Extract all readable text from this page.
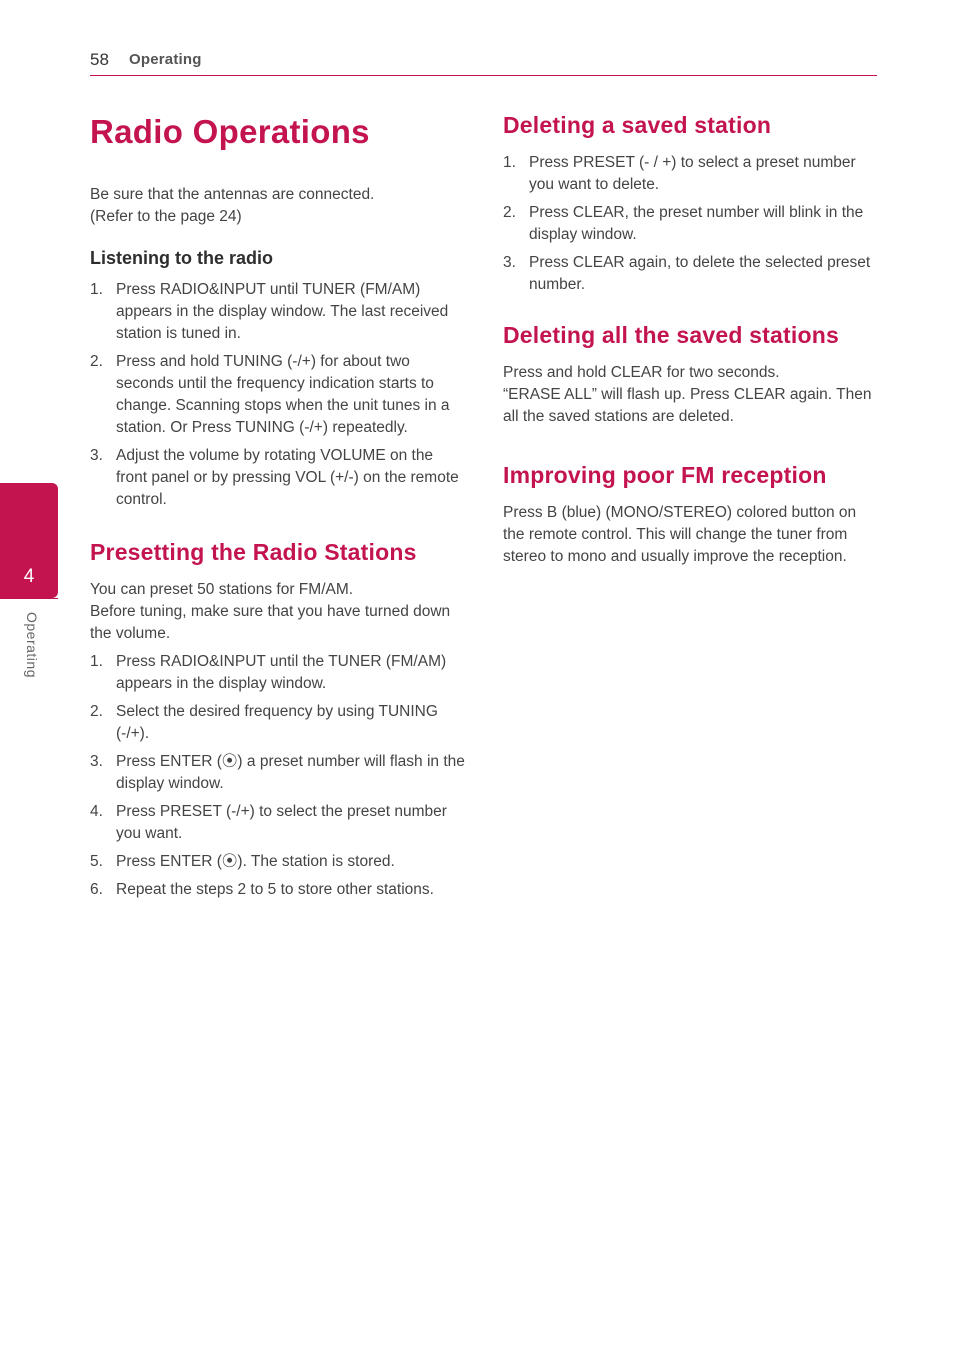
58 Operating
4
Operating
Radio Operations

Be sure that the antennas are connected.

(Refer to the page 24)

Listening to the radio
1. Press RADIO&INPUT until TUNER (FM/AM) appears in the display window. The last received station is tuned in.
2. Press and hold TUNING (-/+) for about two seconds until the frequency indication starts to change. Scanning stops when the unit tunes in a station. Or Press TUNING (-/+) repeatedly.
3. Adjust the volume by rotating VOLUME on the front panel or by pressing VOL (+/-) on the remote control.
Presetting the Radio Stations

You can preset 50 stations for FM/AM.

Before tuning, make sure that you have turned down the volume.

1. Press RADIO&INPUT until the TUNER (FM/AM) appears in the display window.
2. Select the desired frequency by using TUNING (-/+).
3. Press ENTER (⦿) a preset number will flash in the display window.
4. Press PRESET (-/+) to select the preset number you want.
5. Press ENTER (⦿). The station is stored.
6. Repeat the steps 2 to 5 to store other stations.
Deleting a saved station
1. Press PRESET (- / +) to select a preset number you want to delete.
2. Press CLEAR, the preset number will blink in the display window.
3. Press CLEAR again, to delete the selected preset number.
Deleting all the saved stations

Press and hold CLEAR for two seconds.

“ERASE ALL” will flash up. Press CLEAR again. Then all the saved stations are deleted.

Improving poor FM reception

Press B (blue) (MONO/STEREO) colored button on the remote control. This will change the tuner from stereo to mono and usually improve the reception.
